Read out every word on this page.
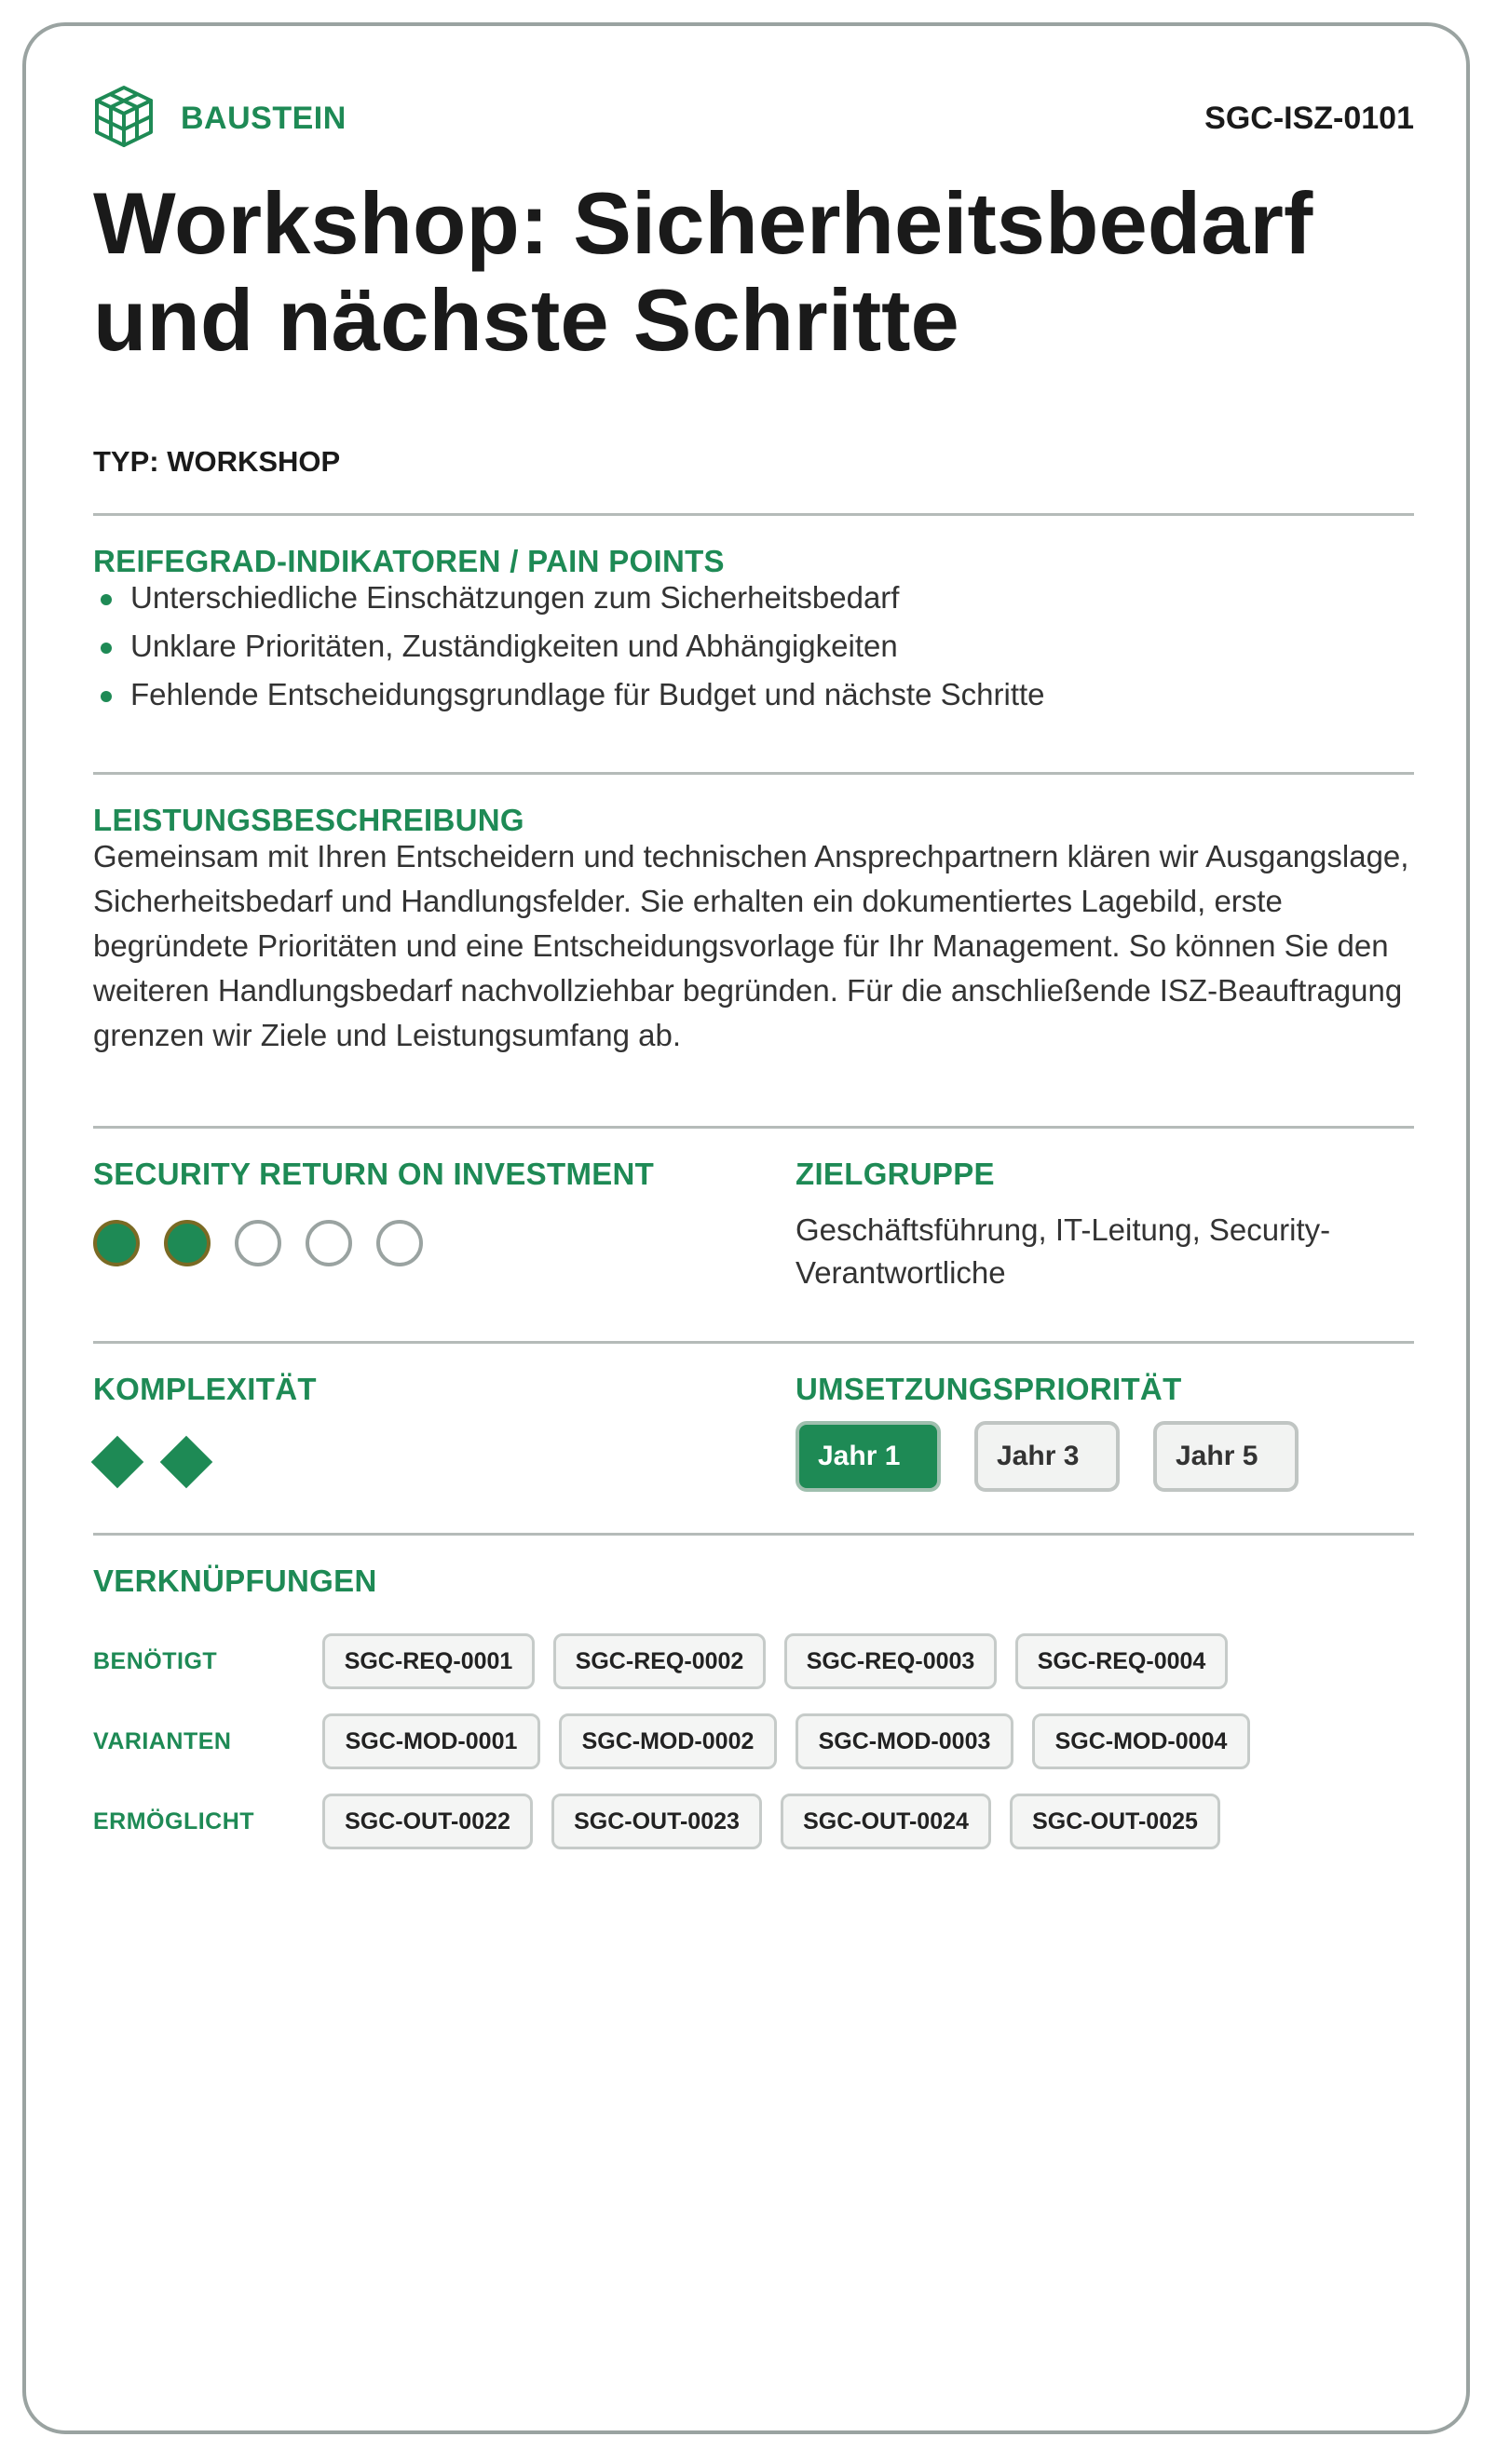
BAUSTEIN	SGC-ISZ-0101
Workshop: Sicherheitsbedarf und nächste Schritte
TYP: WORKSHOP
REIFEGRAD-INDIKATOREN / PAIN POINTS
Unterschiedliche Einschätzungen zum Sicherheitsbedarf
Unklare Prioritäten, Zuständigkeiten und Abhängigkeiten
Fehlende Entscheidungsgrundlage für Budget und nächste Schritte
LEISTUNGSBESCHREIBUNG

Gemeinsam mit Ihren Entscheidern und technischen Ansprechpartnern klären wir Ausgangslage, Sicherheitsbedarf und Handlungsfelder. Sie erhalten ein dokumentiertes Lagebild, erste begründete Prioritäten und eine Entscheidungsvorlage für Ihr Management. So können Sie den weiteren Handlungsbedarf nachvollziehbar begründen. Für die anschließende ISZ-Beauftragung grenzen wir Ziele und Leistungsumfang ab.

SECURITY RETURN ON INVESTMENT	ZIELGRUPPE
Geschäftsführung, IT-Leitung, Security-Verantwortliche
KOMPLEXITÄT	UMSETZUNGSPRIORITÄT
Jahr 1	Jahr 3	Jahr 5
VERKNÜPFUNGEN
BENÖTIGT	SGC-REQ-0001	SGC-REQ-0002	SGC-REQ-0003	SGC-REQ-0004
VARIANTEN	SGC-MOD-0001	SGC-MOD-0002	SGC-MOD-0003	SGC-MOD-0004
ERMÖGLICHT	SGC-OUT-0022	SGC-OUT-0023	SGC-OUT-0024	SGC-OUT-0025
